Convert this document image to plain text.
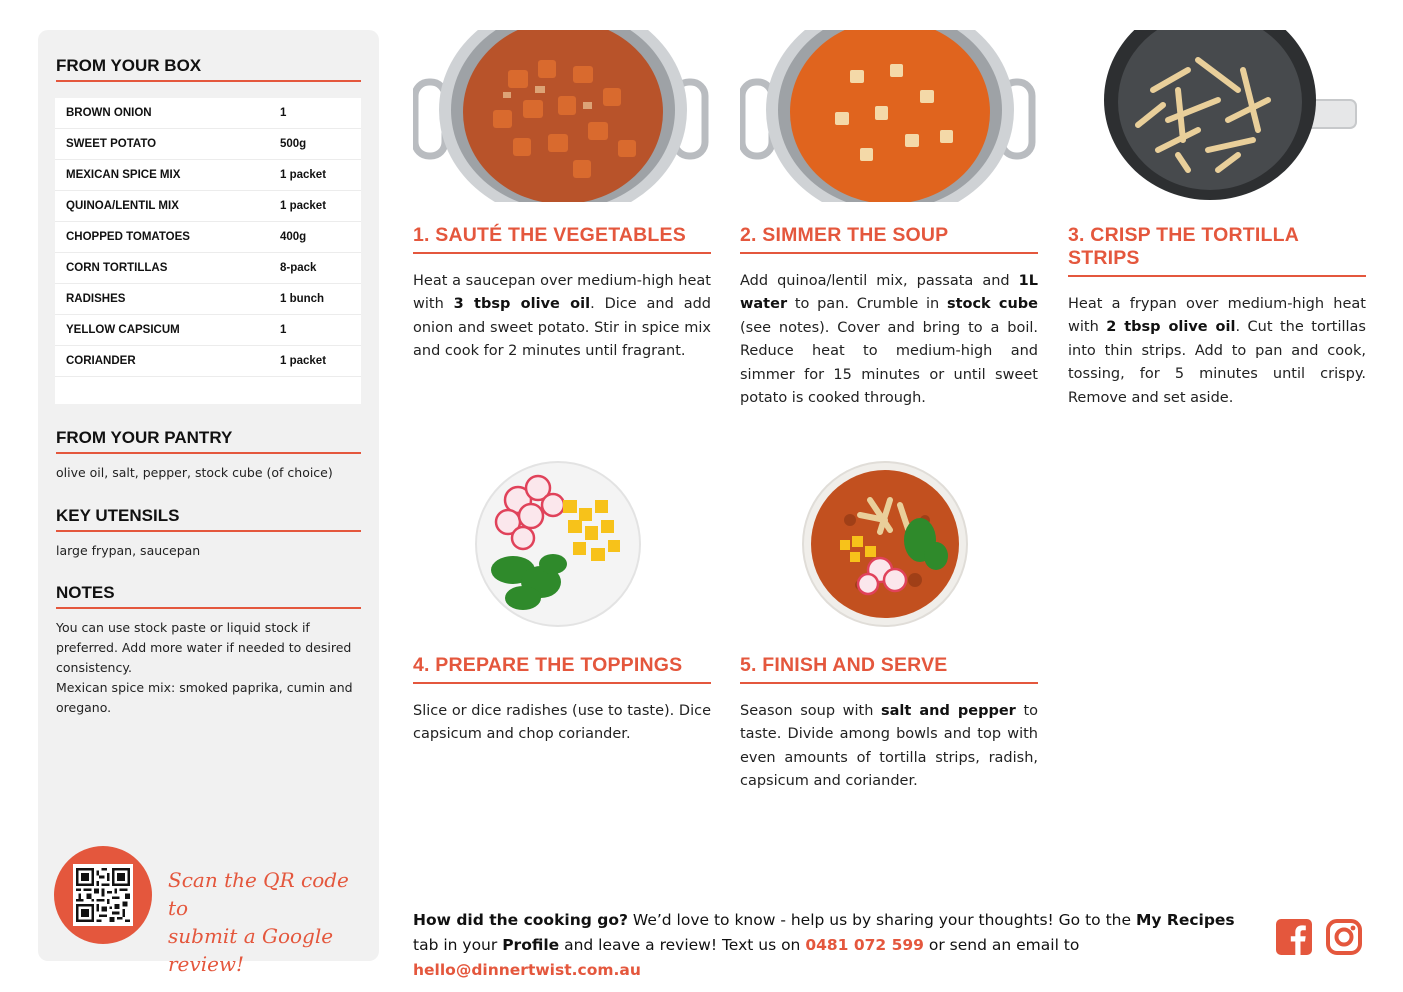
FROM YOUR BOX
BROWN ONION	1
SWEET POTATO	500g
MEXICAN SPICE MIX	1 packet
QUINOA/LENTIL MIX	1 packet
CHOPPED TOMATOES	400g
CORN TORTILLAS	8-pack
RADISHES	1 bunch
YELLOW CAPSICUM	1
CORIANDER	1 packet
FROM YOUR PANTRY

olive oil, salt, pepper, stock cube (of choice)

KEY UTENSILS

large frypan, saucepan

NOTES

You can use stock paste or liquid stock if preferred. Add more water if needed to desired consistency.

Mexican spice mix: smoked paprika, cumin and oregano.

Scan the QR code to
submit a Google review!
1. SAUTÉ THE VEGETABLES

Heat a saucepan over medium-high heat with 3 tbsp olive oil. Dice and add onion and sweet potato. Stir in spice mix and cook for 2 minutes until fragrant.

2. SIMMER THE SOUP

Add quinoa/lentil mix, passata and 1L water to pan. Crumble in stock cube (see notes). Cover and bring to a boil. Reduce heat to medium-high and simmer for 15 minutes or until sweet potato is cooked through.

3. CRISP THE TORTILLA STRIPS

Heat a frypan over medium-high heat with 2 tbsp olive oil. Cut the tortillas into thin strips. Add to pan and cook, tossing, for 5 minutes until crispy. Remove and set aside.

4. PREPARE THE TOPPINGS

Slice or dice radishes (use to taste). Dice capsicum and chop coriander.

5. FINISH AND SERVE

Season soup with salt and pepper to taste. Divide among bowls and top with even amounts of tortilla strips, radish, capsicum and coriander.

How did the cooking go? We’d love to know - help us by sharing your thoughts! Go to the My Recipes tab in your Profile and leave a review! Text us on 0481 072 599 or send an email to hello@dinnertwist.com.au
